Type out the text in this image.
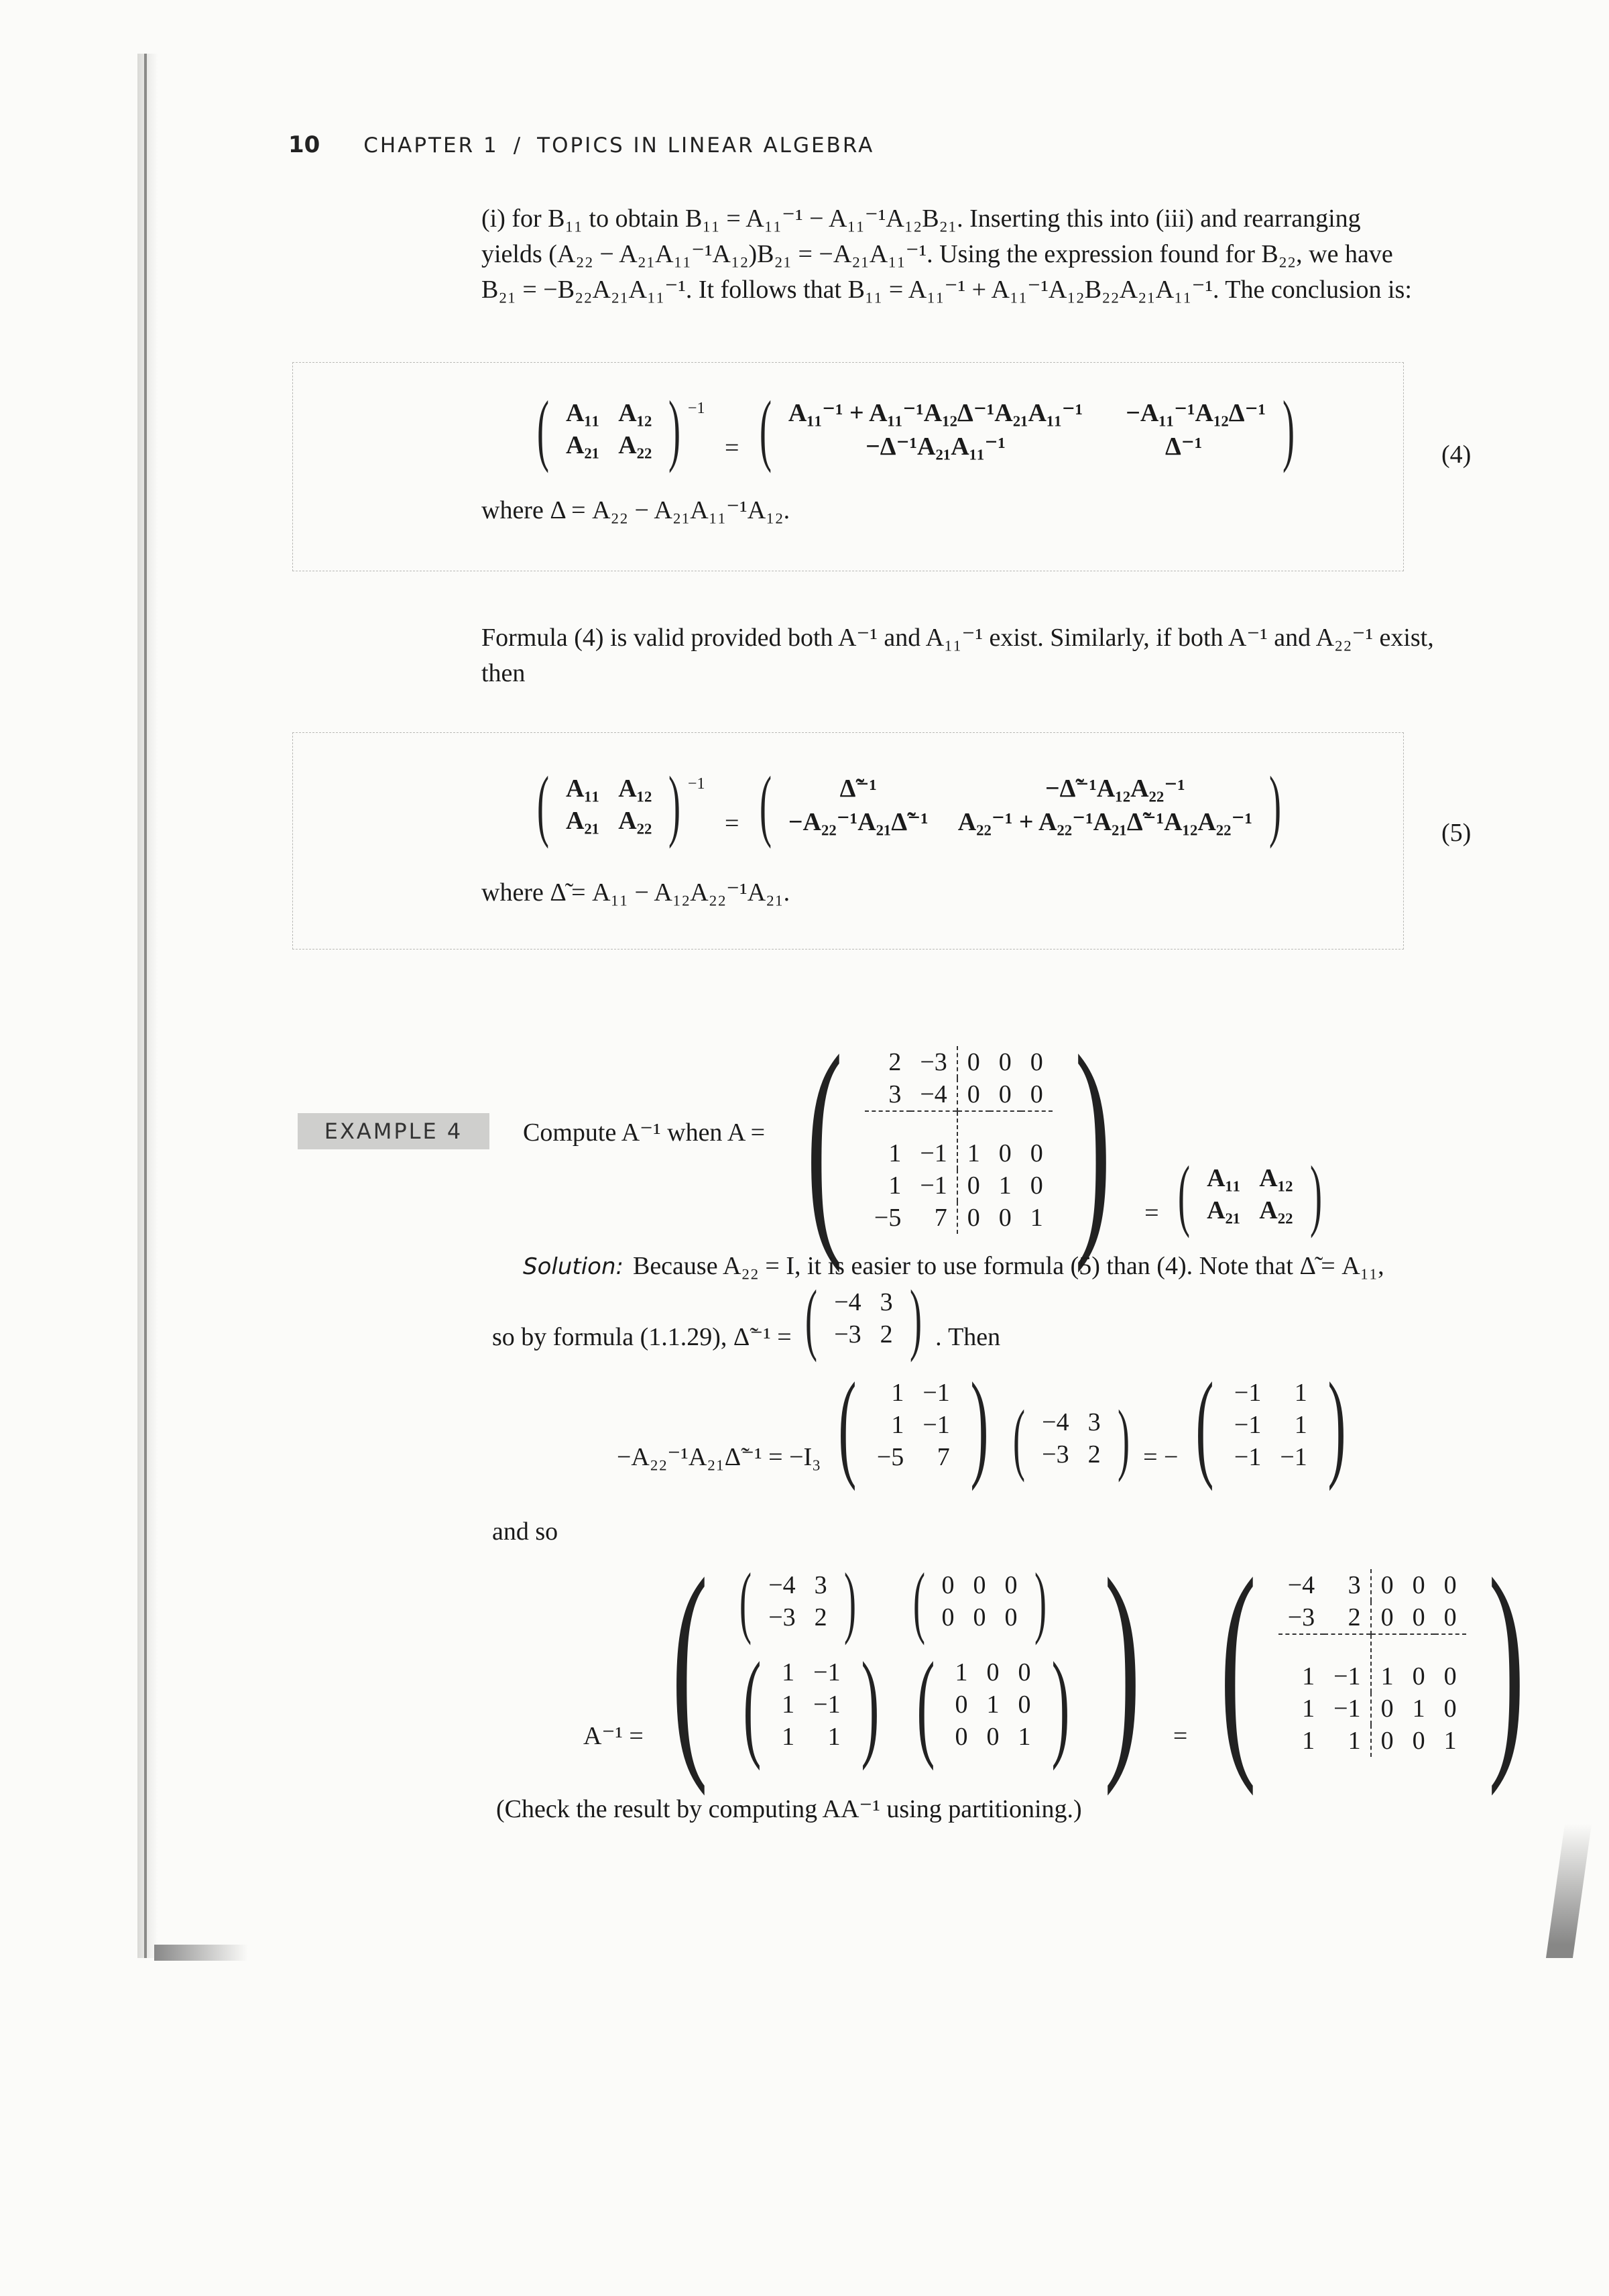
10 CHAPTER 1 / TOPICS IN LINEAR ALGEBRA
(i) for B₁₁ to obtain B₁₁ = A₁₁⁻¹ − A₁₁⁻¹A₁₂B₂₁. Inserting this into (iii) and rearranging
yields (A₂₂ − A₂₁A₁₁⁻¹A₁₂)B₂₁ = −A₂₁A₁₁⁻¹. Using the expression found for B₂₂, we have
B₂₁ = −B₂₂A₂₁A₁₁⁻¹. It follows that B₁₁ = A₁₁⁻¹ + A₁₁⁻¹A₁₂B₂₂A₂₁A₁₁⁻¹. The conclusion is:
( A₁₁	A₁₂
A₂₁	A₂₂ ) $^{-1}$ = ( A₁₁⁻¹ + A₁₁⁻¹A₁₂Δ⁻¹A₂₁A₁₁⁻¹	−A₁₁⁻¹A₁₂Δ⁻¹
−Δ⁻¹A₂₁A₁₁⁻¹	Δ⁻¹ )
where Δ = A₂₂ − A₂₁A₁₁⁻¹A₁₂.
(4)
Formula (4) is valid provided both A⁻¹ and A₁₁⁻¹ exist. Similarly, if both A⁻¹ and A₂₂⁻¹ exist,
then
( A₁₁	A₁₂
A₂₁	A₂₂ ) $^{-1}$ = (	Δ̃⁻¹	−Δ̃⁻¹A₁₂A₂₂⁻¹
−A₂₂⁻¹A₂₁Δ̃⁻¹	A₂₂⁻¹ + A₂₂⁻¹A₂₁Δ̃⁻¹A₁₂A₂₂⁻¹ )
where Δ̃ = A₁₁ − A₁₂A₂₂⁻¹A₂₁.
(5)
EXAMPLE 4	Compute A⁻¹ when A = ( 2	−3	0	0	0
3	−4	0	0	0
1	−1	1	0	0
1	−1	0	1	0
−5	7	0	0	1 ) = ( A₁₁	A₁₂
A₂₁	A₂₂ )
Solution: Because A₂₂ = I, it is easier to use formula (5) than (4). Note that Δ̃ = A₁₁,
so by formula (1.1.29), Δ̃⁻¹ = ( −4	3
−3	2 ) . Then
−A₂₂⁻¹A₂₁Δ̃⁻¹ = −I₃ ( 1	−1
1	−1
−5	7 )
( −4	3
−3	2 ) = − ( −1	1
−1	1
−1	−1 )
and so
A⁻¹ = ( ( −4	3
−3	2 )	( 0	0	0
0	0	0 )

( 1	−1
1	−1
1	1 )	( 1	0	0
0	1	0
0	0	1 ) ) = ( −4	3	0	0	0
−3	2	0	0	0
1	−1	1	0	0
1	−1	0	1	0
1	1	0	0	1 )
(Check the result by computing AA⁻¹ using partitioning.)
